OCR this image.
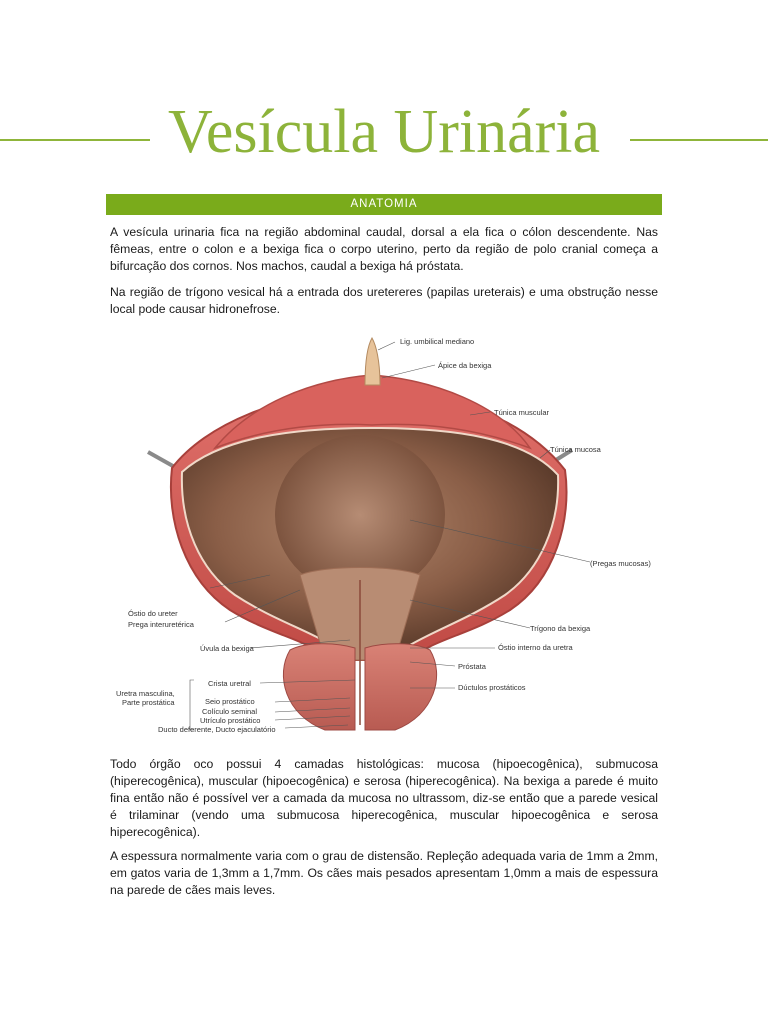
Vesícula Urinária
ANATOMIA

A vesícula urinaria fica na região abdominal caudal, dorsal a ela fica o cólon descendente. Nas fêmeas, entre o colon e a bexiga fica o corpo uterino, perto da região de polo cranial começa a bifurcação dos cornos. Nos machos, caudal a bexiga há próstata.

Na região de trígono vesical há a entrada dos uretereres (papilas ureterais) e uma obstrução nesse local pode causar hidronefrose.

Lig. umbilical mediano
Ápice da bexiga
Túnica muscular
Túnica mucosa
(Pregas mucosas)
Óstio do ureter
Prega interuretérica	Trígono da bexiga
Úvula da bexiga	Óstio interno da uretra
Próstata
Crista uretral	Dúctulos prostáticos
Uretra masculina,
Parte prostática	Seio prostático
Colículo seminal
Utrículo prostático
Ducto deferente, Ducto ejaculatório

Todo órgão oco possui 4 camadas histológicas: mucosa (hipoecogênica), submucosa (hiperecogênica), muscular (hipoecogênica) e serosa (hiperecogênica). Na bexiga a parede é muito fina então não é possível ver a camada da mucosa no ultrassom, diz-se então que a parede vesical é trilaminar (vendo uma submucosa hiperecogênica, muscular hipoecogênica e serosa hiperecogênica).

A espessura normalmente varia com o grau de distensão. Repleção adequada varia de 1mm a 2mm, em gatos varia de 1,3mm a 1,7mm. Os cães mais pesados apresentam 1,0mm a mais de espessura na parede de cães mais leves.
